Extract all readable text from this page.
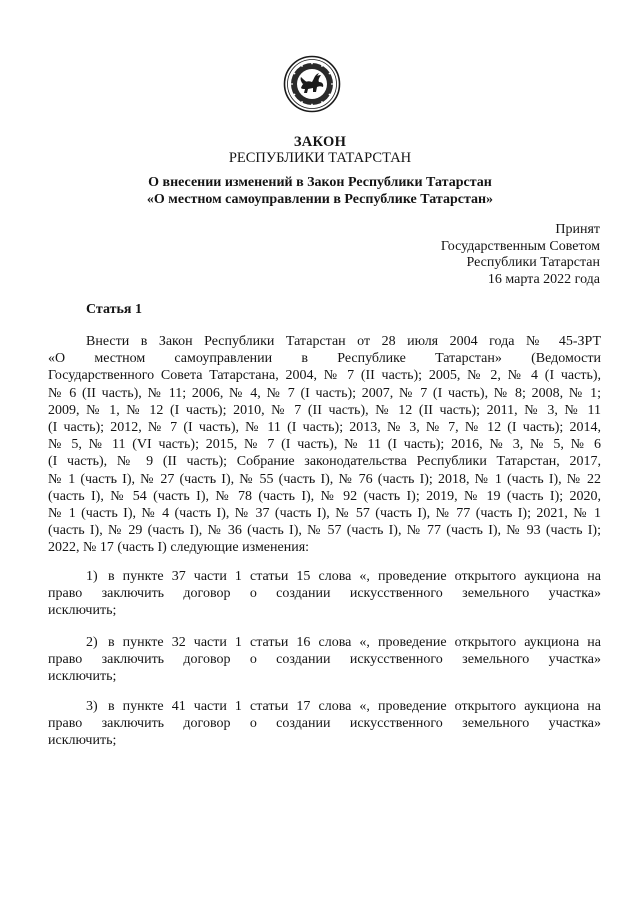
ЗАКОН
РЕСПУБЛИКИ ТАТАРСТАН
О внесении изменений в Закон Республики Татарстан
«О местном самоуправлении в Республике Татарстан»
Принят
Государственным Советом
Республики Татарстан
16 марта 2022 года
Статья 1
Внести в Закон Республики Татарстан от 28 июля 2004 года № 45-ЗРТ
«О местном самоуправлении в Республике Татарстан» (Ведомости
Государственного Совета Татарстана, 2004, № 7 (II часть); 2005, № 2, № 4 (I часть),
№ 6 (II часть), № 11; 2006, № 4, № 7 (I часть); 2007, № 7 (I часть), № 8; 2008, № 1;
2009, № 1, № 12 (I часть); 2010, № 7 (II часть), № 12 (II часть); 2011, № 3, № 11
(I часть); 2012, № 7 (I часть), № 11 (I часть); 2013, № 3, № 7, № 12 (I часть); 2014,
№ 5, № 11 (VI часть); 2015, № 7 (I часть), № 11 (I часть); 2016, № 3, № 5, № 6
(I часть), № 9 (II часть); Собрание законодательства Республики Татарстан, 2017,
№ 1 (часть I), № 27 (часть I), № 55 (часть I), № 76 (часть I); 2018, № 1 (часть I), № 22
(часть I), № 54 (часть I), № 78 (часть I), № 92 (часть I); 2019, № 19 (часть I); 2020,
№ 1 (часть I), № 4 (часть I), № 37 (часть I), № 57 (часть I), № 77 (часть I); 2021, № 1
(часть I), № 29 (часть I), № 36 (часть I), № 57 (часть I), № 77 (часть I), № 93 (часть I);
2022, № 17 (часть I) следующие изменения:
1) в пункте 37 части 1 статьи 15 слова «, проведение открытого аукциона на
право заключить договор о создании искусственного земельного участка»
исключить;
2) в пункте 32 части 1 статьи 16 слова «, проведение открытого аукциона на
право заключить договор о создании искусственного земельного участка»
исключить;
3) в пункте 41 части 1 статьи 17 слова «, проведение открытого аукциона на
право заключить договор о создании искусственного земельного участка»
исключить;
